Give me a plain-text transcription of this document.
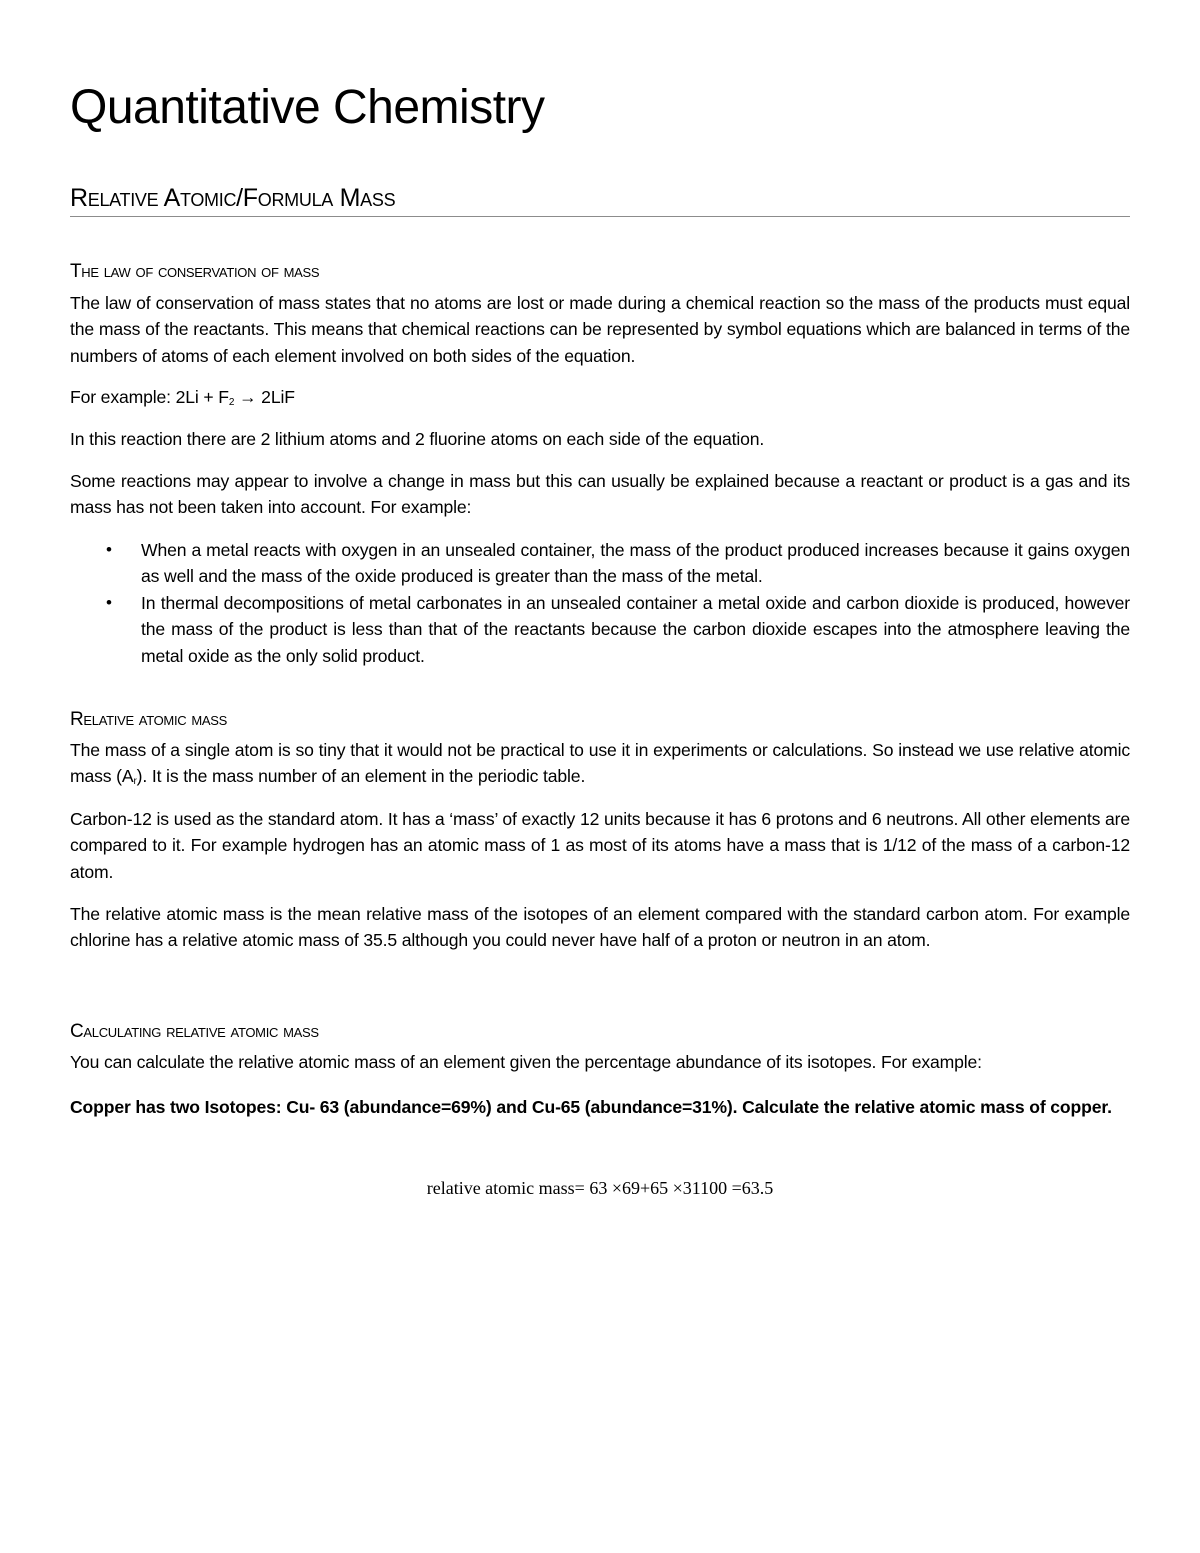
Quantitative Chemistry
Relative Atomic/Formula Mass
The law of conservation of mass

The law of conservation of mass states that no atoms are lost or made during a chemical reaction so the mass of the products must equal the mass of the reactants. This means that chemical reactions can be represented by symbol equations which are balanced in terms of the numbers of atoms of each element involved on both sides of the equation.

For example: $2Li + F_2 \to 2LiF$

In this reaction there are 2 lithium atoms and 2 fluorine atoms on each side of the equation.

Some reactions may appear to involve a change in mass but this can usually be explained because a reactant or product is a gas and its mass has not been taken into account. For example:

• When a metal reacts with oxygen in an unsealed container, the mass of the product produced increases because it gains oxygen as well and the mass of the oxide produced is greater than the mass of the metal.
• In thermal decompositions of metal carbonates in an unsealed container a metal oxide and carbon dioxide is produced, however the mass of the product is less than that of the reactants because the carbon dioxide escapes into the atmosphere leaving the metal oxide as the only solid product.
Relative atomic mass

The mass of a single atom is so tiny that it would not be practical to use it in experiments or calculations. So instead we use relative atomic mass $(A_r)$. It is the mass number of an element in the periodic table.

Carbon-12 is used as the standard atom. It has a ‘mass’ of exactly 12 units because it has 6 protons and 6 neutrons. All other elements are compared to it. For example hydrogen has an atomic mass of 1 as most of its atoms have a mass that is 1/12 of the mass of a carbon-12 atom.

The relative atomic mass is the mean relative mass of the isotopes of an element compared with the standard carbon atom. For example chlorine has a relative atomic mass of 35.5 although you could never have half of a proton or neutron in an atom.

Calculating relative atomic mass

You can calculate the relative atomic mass of an element given the percentage abundance of its isotopes. For example:

Copper has two Isotopes: Cu- 63 (abundance=69%) and Cu-65 (abundance=31%). Calculate the relative atomic mass of copper.

relative atomic mass= 63 ×69+65 ×31100 =63.5
